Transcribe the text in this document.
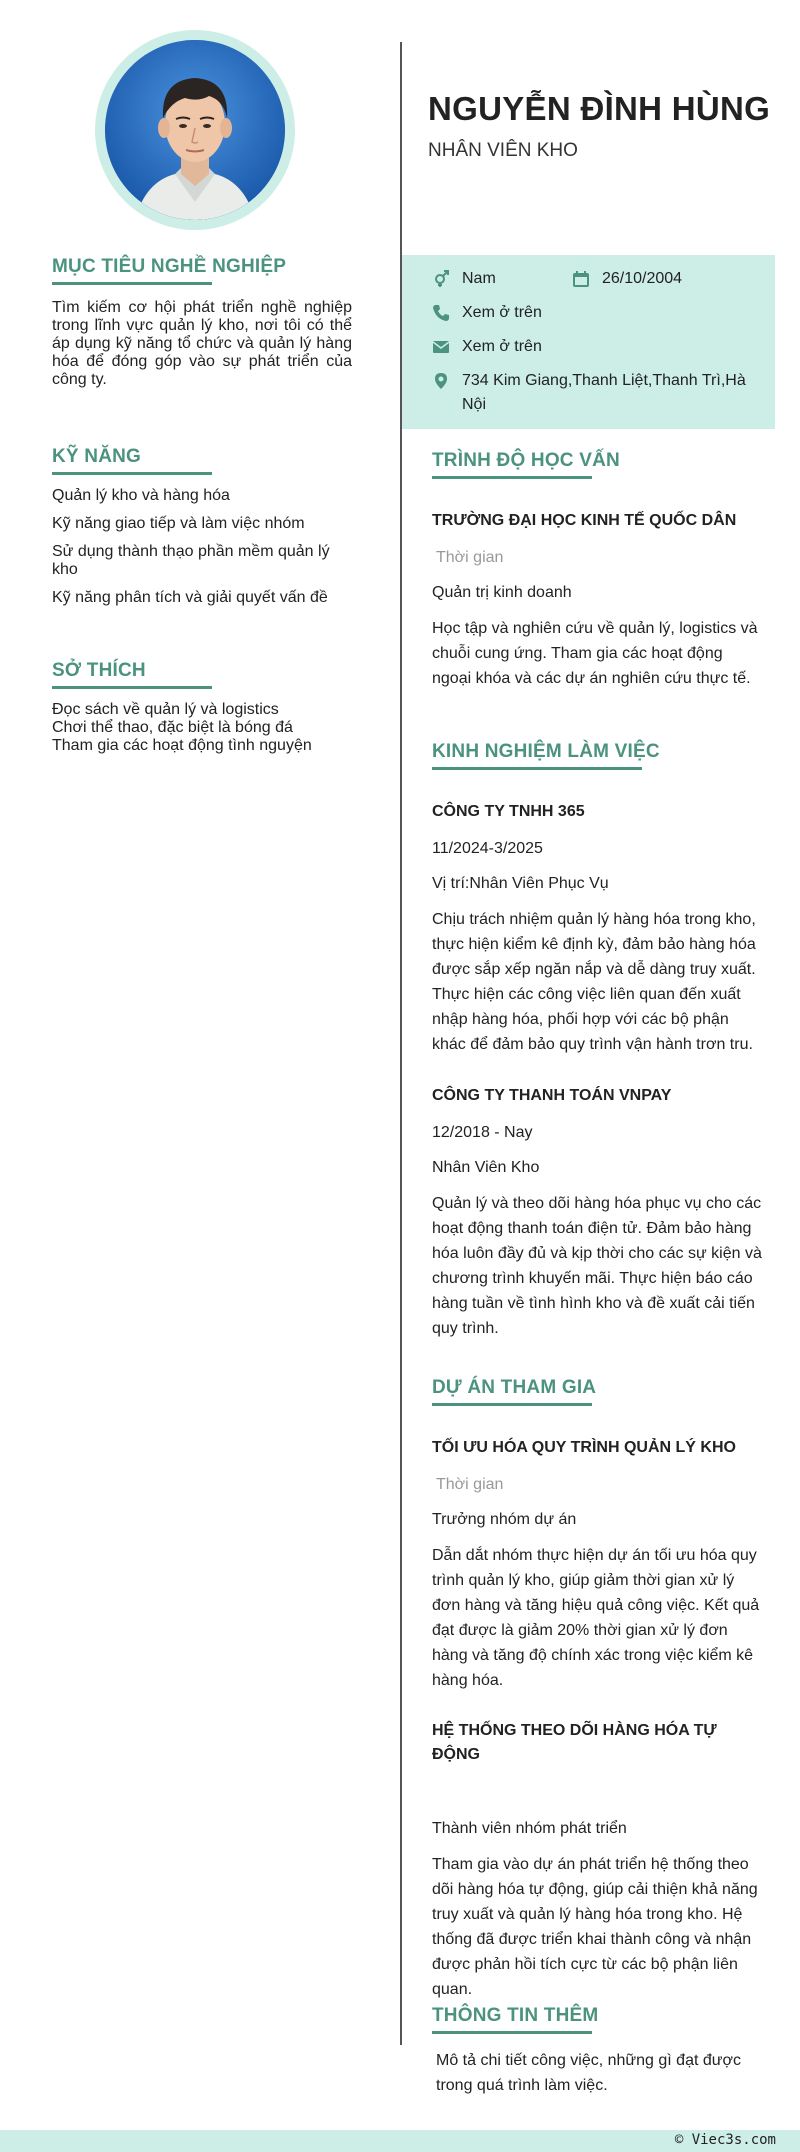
MỤC TIÊU NGHỀ NGHIỆP

Tìm kiếm cơ hội phát triển nghề nghiệp trong lĩnh vực quản lý kho, nơi tôi có thể áp dụng kỹ năng tổ chức và quản lý hàng hóa để đóng góp vào sự phát triển của công ty.

KỸ NĂNG
Quản lý kho và hàng hóa
Kỹ năng giao tiếp và làm việc nhóm
Sử dụng thành thạo phần mềm quản lý kho
Kỹ năng phân tích và giải quyết vấn đề
SỞ THÍCH
Đọc sách về quản lý và logistics
Chơi thể thao, đặc biệt là bóng đá
Tham gia các hoạt động tình nguyện
NGUYỄN ĐÌNH HÙNG
NHÂN VIÊN KHO
Nam	26/10/2004
Xem ở trên
Xem ở trên
734 Kim Giang,Thanh Liệt,Thanh Trì,Hà Nội
TRÌNH ĐỘ HỌC VẤN
TRƯỜNG ĐẠI HỌC KINH TẾ QUỐC DÂN
Thời gian
Quản trị kinh doanh
Học tập và nghiên cứu về quản lý, logistics và chuỗi cung ứng. Tham gia các hoạt động ngoại khóa và các dự án nghiên cứu thực tế.
KINH NGHIỆM LÀM VIỆC
CÔNG TY TNHH 365
11/2024-3/2025
Vị trí:Nhân Viên Phục Vụ
Chịu trách nhiệm quản lý hàng hóa trong kho, thực hiện kiểm kê định kỳ, đảm bảo hàng hóa được sắp xếp ngăn nắp và dễ dàng truy xuất. Thực hiện các công việc liên quan đến xuất nhập hàng hóa, phối hợp với các bộ phận khác để đảm bảo quy trình vận hành trơn tru.
CÔNG TY THANH TOÁN VNPAY
12/2018 - Nay
Nhân Viên Kho
Quản lý và theo dõi hàng hóa phục vụ cho các hoạt động thanh toán điện tử. Đảm bảo hàng hóa luôn đầy đủ và kịp thời cho các sự kiện và chương trình khuyến mãi. Thực hiện báo cáo hàng tuần về tình hình kho và đề xuất cải tiến quy trình.
DỰ ÁN THAM GIA
TỐI ƯU HÓA QUY TRÌNH QUẢN LÝ KHO
Thời gian
Trưởng nhóm dự án
Dẫn dắt nhóm thực hiện dự án tối ưu hóa quy trình quản lý kho, giúp giảm thời gian xử lý đơn hàng và tăng hiệu quả công việc. Kết quả đạt được là giảm 20% thời gian xử lý đơn hàng và tăng độ chính xác trong việc kiểm kê hàng hóa.
HỆ THỐNG THEO DÕI HÀNG HÓA TỰ ĐỘNG
Thành viên nhóm phát triển
Tham gia vào dự án phát triển hệ thống theo dõi hàng hóa tự động, giúp cải thiện khả năng truy xuất và quản lý hàng hóa trong kho. Hệ thống đã được triển khai thành công và nhận được phản hồi tích cực từ các bộ phận liên quan.
THÔNG TIN THÊM
Mô tả chi tiết công việc, những gì đạt được trong quá trình làm việc.
© Viec3s.com
